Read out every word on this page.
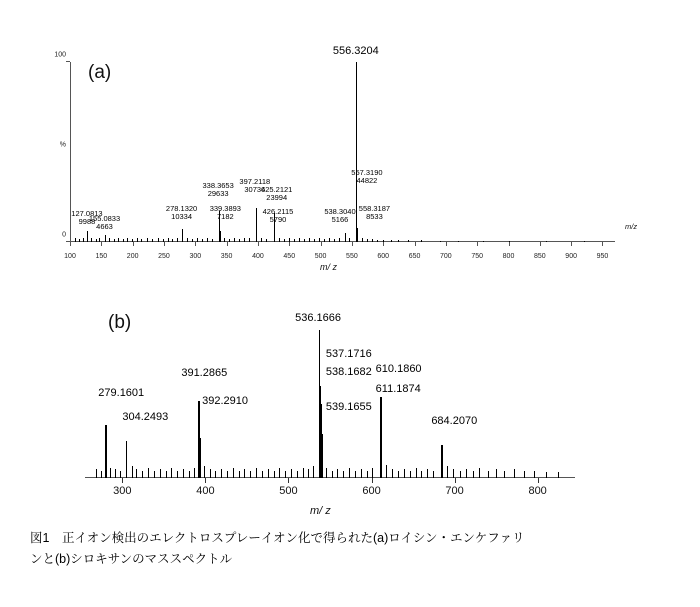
(a)
100
%
0
100	150	200	250	300	350	400	450	500	550	600	650	700	750	800	850	900	950
127.0813
9988
155.0833
4663
278.1320
10334
338.3653
29633
339.3893
7182
397.2118
30736
425.2121
23994
426.2115
5790
538.3040
5166
557.3190
44822
558.3187
8533
556.3204
m/z
m/ z
(b)
300	400	500	600	700	800
279.1601
304.2493
391.2865
392.2910
536.1666
537.1716
538.1682
539.1655
610.1860
611.1874
684.2070
m/ z
図1　正イオン検出のエレクトロスプレーイオン化で得られた(a)ロイシン・エンケファリ
ンと(b)シロキサンのマススペクトル
